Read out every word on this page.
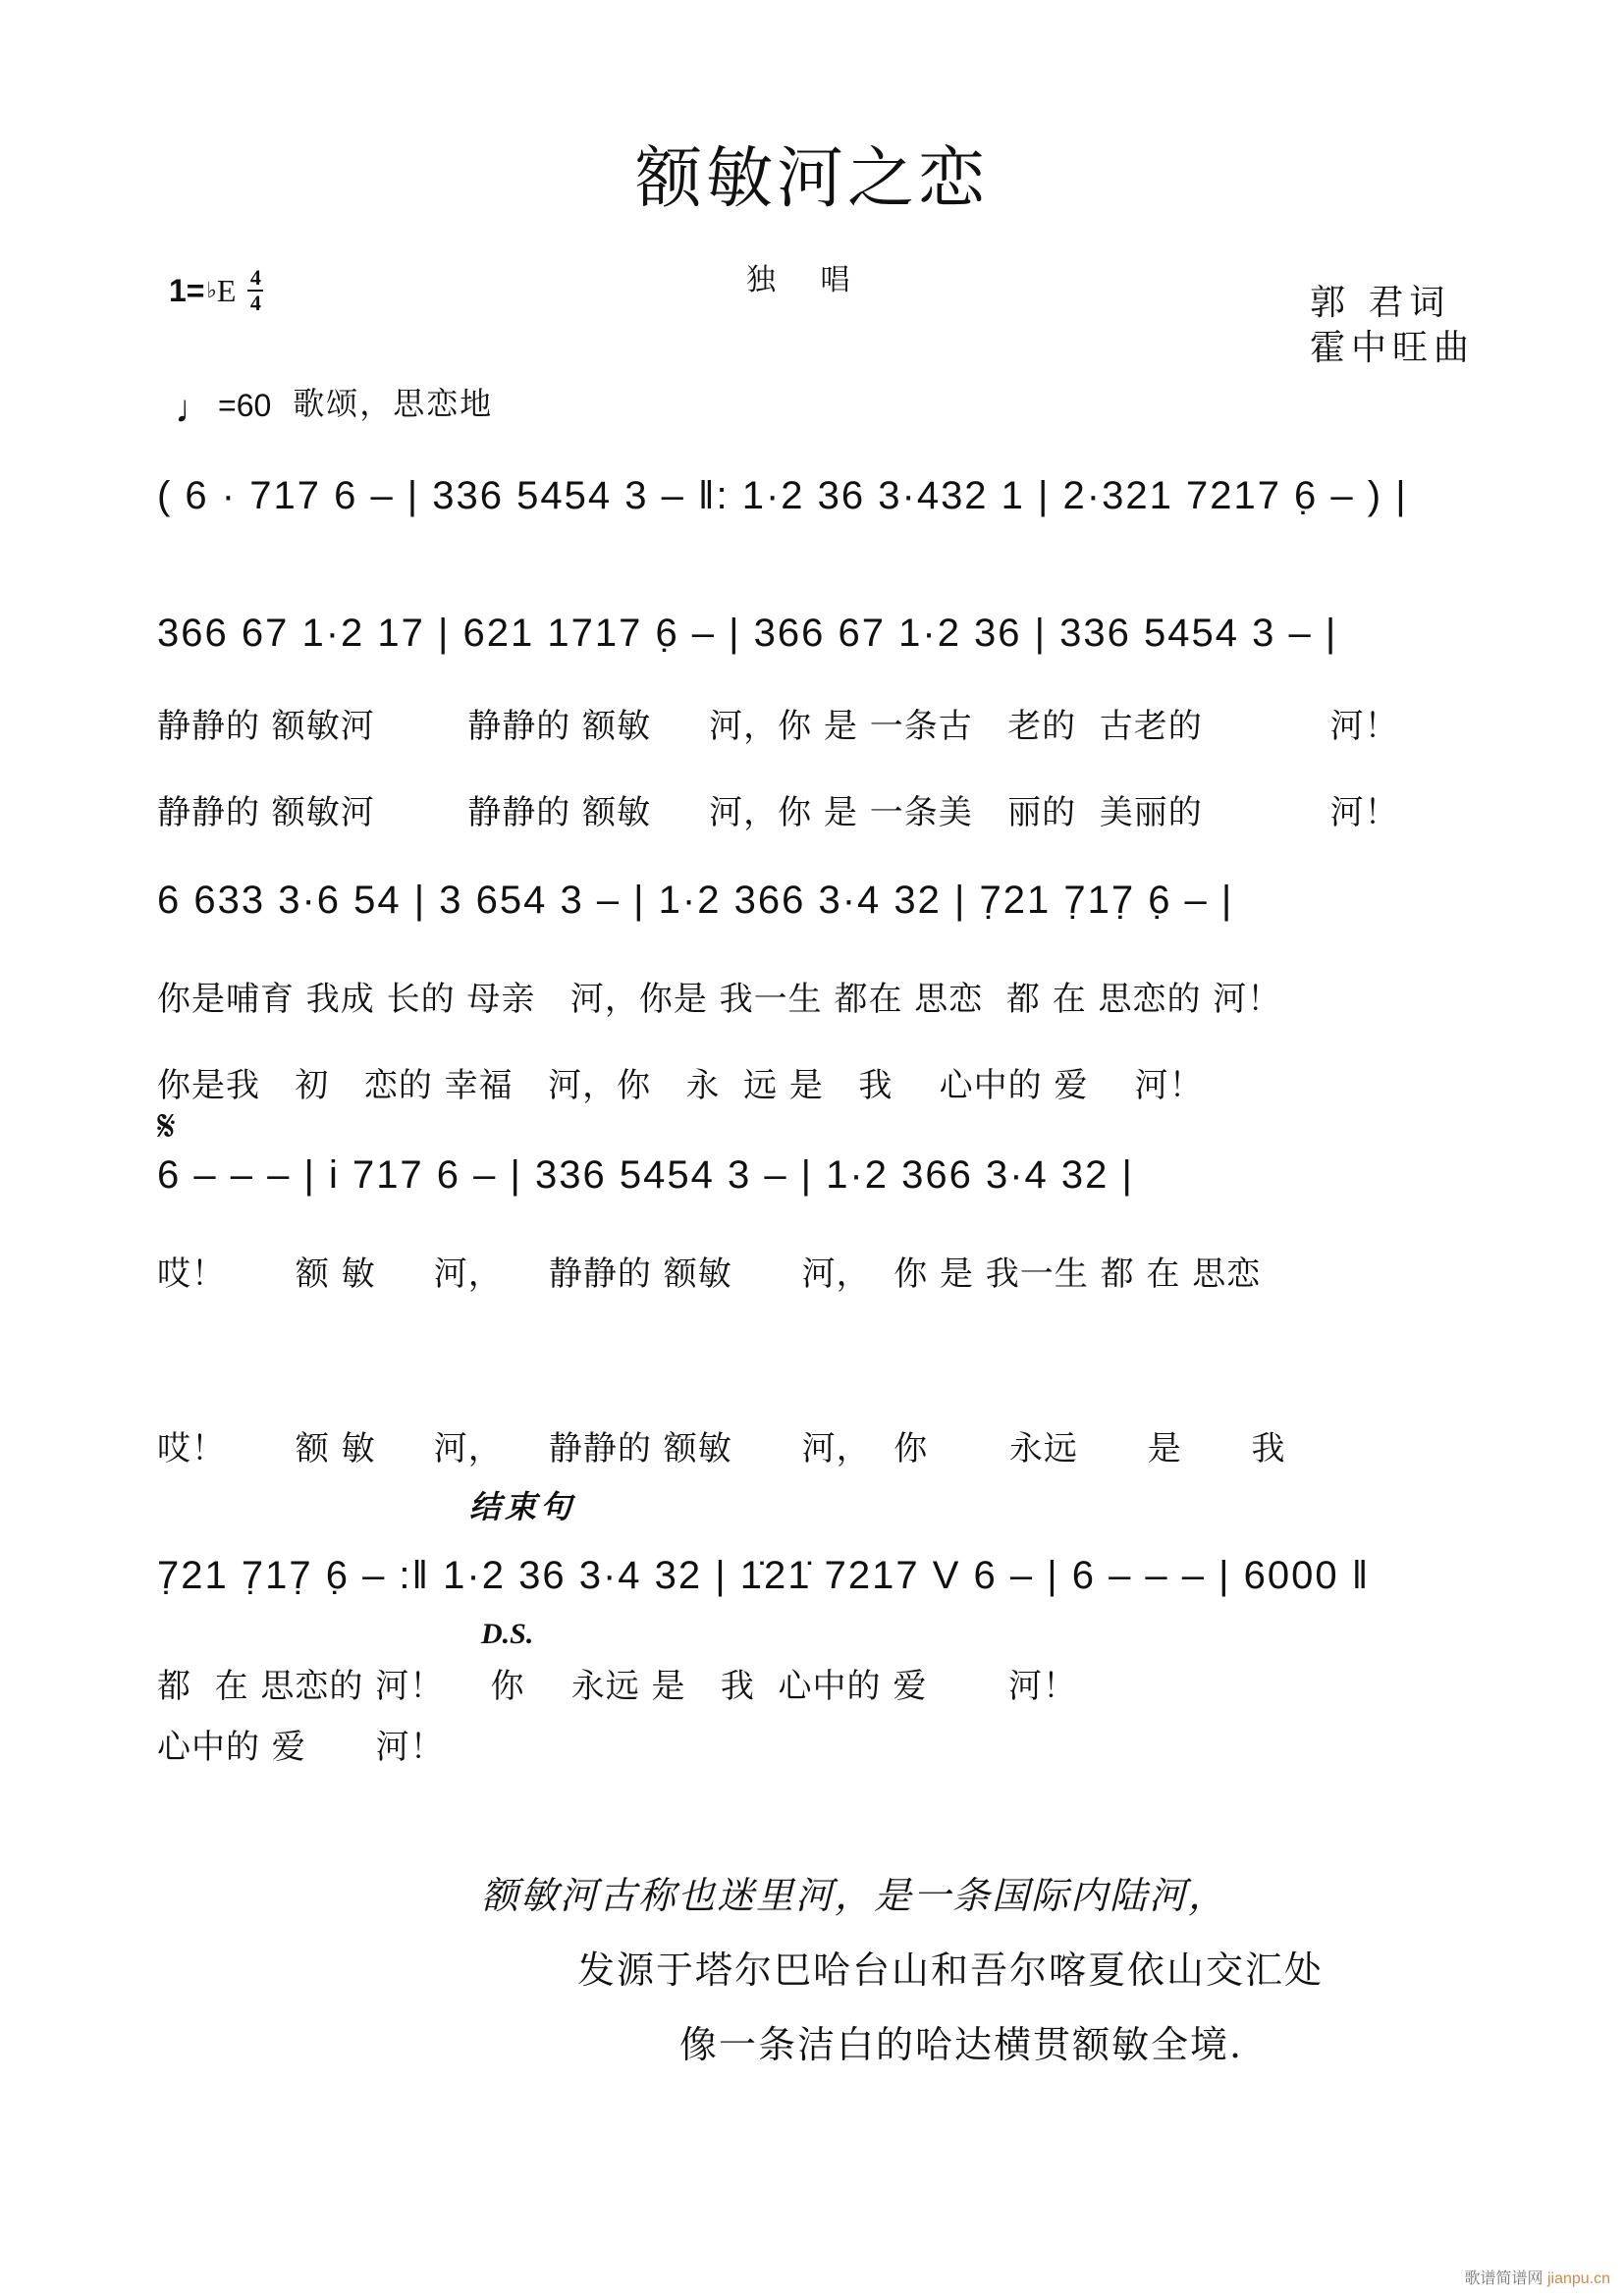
额敏河之恋
独 唱
1= ♭ E $\frac{4}{4}$	郭 君词
霍中旺曲
♩ =60 歌颂，思恋地
( 6 · 717 6 – | 336 5454 3 – ‖: 1·2 36 3·432 1 | 2·321 7217 6̣ – ) |
366 67 1·2 17 | 621 1717 6̣ – | 366 67 1·2 36 | 336 5454 3 – |
静静的 额敏河        静静的 额敏     河，你 是 一条古   老的  古老的           河！
静静的 额敏河        静静的 额敏     河，你 是 一条美   丽的  美丽的           河！
6 633 3·6 54 | 3 654 3 – | 1·2 366 3·4 32 | 7̣21 7̣17̣ 6̣ – |
你是哺育 我成 长的 母亲   河，你是 我一生 都在 思恋  都 在 思恋的 河！
你是我   初   恋的 幸福   河，你   永  远 是   我    心中的 爱    河！
𝄋
6 – – – | i 717 6 – | 336 5454 3 – | 1·2 366 3·4 32 |
哎！      额 敏     河，    静静的 额敏      河，  你 是 我一生 都 在 思恋
哎！      额 敏     河，    静静的 额敏      河，  你       永远      是      我
结束句
7̣21 7̣17̣ 6̣ – :‖ 1·2 36 3·4 32 | 1̇21̇ 7217 V 6 – | 6 – – – | 6000 ‖
D.S.
都  在 思恋的 河！    你    永远 是   我  心中的 爱       河！
心中的 爱      河！
额敏河古称也迷里河，是一条国际内陆河，
发源于塔尔巴哈台山和吾尔喀夏依山交汇处
像一条洁白的哈达横贯额敏全境.
歌谱简谱网 jianpu.cn
